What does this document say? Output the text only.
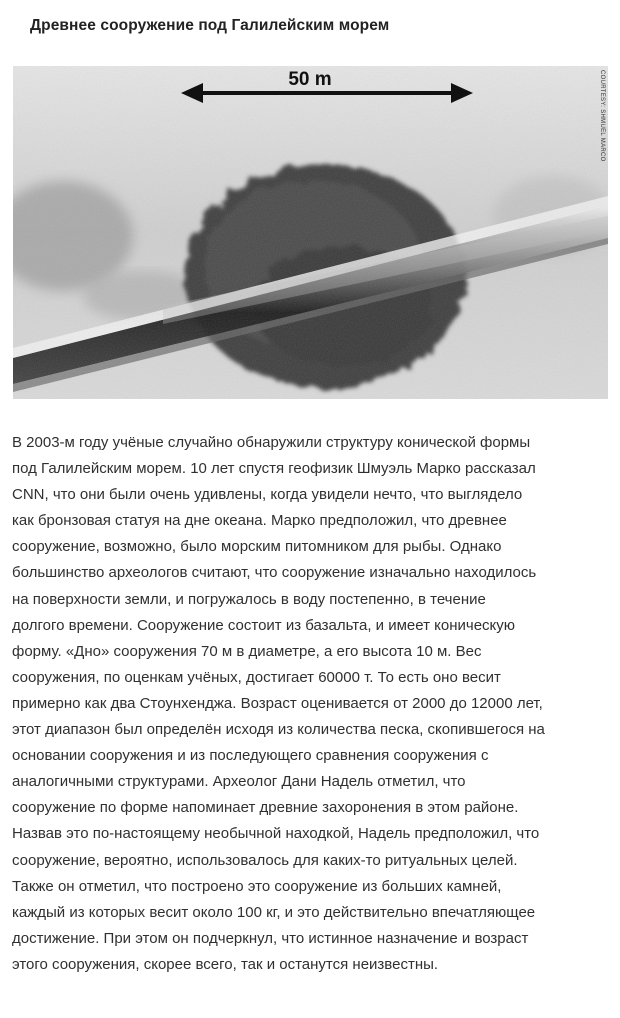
Древнее сооружение под Галилейским морем
50 m	COURTESY: SHMUEL MARCO

В 2003-м году учёные случайно обнаружили структуру конической формы
под Галилейским морем. 10 лет спустя геофизик Шмуэль Марко рассказал
CNN, что они были очень удивлены, когда увидели нечто, что выглядело
как бронзовая статуя на дне океана. Марко предположил, что древнее
сооружение, возможно, было морским питомником для рыбы. Однако
большинство археологов считают, что сооружение изначально находилось
на поверхности земли, и погружалось в воду постепенно, в течение
долгого времени. Сооружение состоит из базальта, и имеет коническую
форму. «Дно» сооружения 70 м в диаметре, а его высота 10 м. Вес
сооружения, по оценкам учёных, достигает 60000 т. То есть оно весит
примерно как два Стоунхенджа. Возраст оценивается от 2000 до 12000 лет,
этот диапазон был определён исходя из количества песка, скопившегося на
основании сооружения и из последующего сравнения сооружения с
аналогичными структурами. Археолог Дани Надель отметил, что
сооружение по форме напоминает древние захоронения в этом районе.
Назвав это по-настоящему необычной находкой, Надель предположил, что
сооружение, вероятно, использовалось для каких-то ритуальных целей.
Также он отметил, что построено это сооружение из больших камней,
каждый из которых весит около 100 кг, и это действительно впечатляющее
достижение. При этом он подчеркнул, что истинное назначение и возраст
этого сооружения, скорее всего, так и останутся неизвестны.
